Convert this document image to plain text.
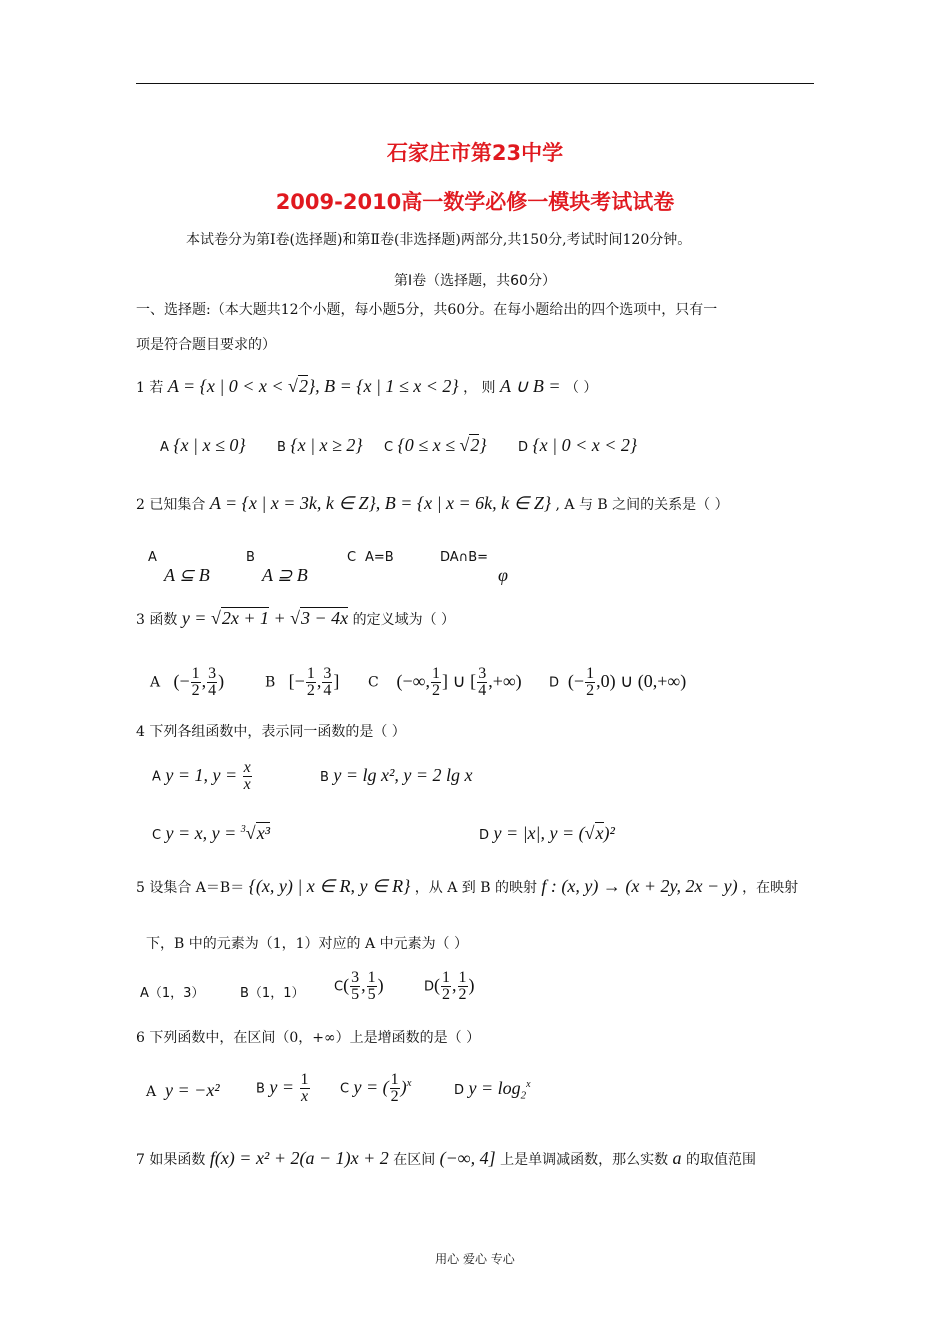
石家庄市第23中学
2009-2010高一数学必修一模块考试试卷
本试卷分为第Ⅰ卷(选择题)和第Ⅱ卷(非选择题)两部分,共150分,考试时间120分钟。
第Ⅰ卷（选择题，共60分）
一、选择题:（本大题共12个小题，每小题5分，共60分。在每小题给出的四个选项中，只有一
项是符合题目要求的）
1 若 A = {x | 0 < x < √2}, B = {x | 1 ≤ x < 2} ， 则 A ∪ B = （ ）
A {x | x ≤ 0} B {x | x ≥ 2} C {0 ≤ x ≤ √2} D {x | 0 < x < 2}
2 已知集合 A = {x | x = 3k, k ∈ Z}, B = {x | x = 6k, k ∈ Z} , A 与 B 之间的关系是（ ）
A
A ⊆ B
B
A ⊇ B
C A=B	DA∩B=
φ
3 函数 y = √2x + 1 + √3 − 4x 的定义域为（ ）
A (− $\frac{1}{2}$ , $\frac{3}{4}$ )	B [− $\frac{1}{2}$ , $\frac{3}{4}$ ] C (−∞, $\frac{1}{2}$ ] ∪ [ $\frac{3}{4}$ ,+∞) D (− $\frac{1}{2} ,0$) ∪ (0,+∞)
4 下列各组函数中，表示同一函数的是（ ）
A y = 1, $y = \frac{x}{x}$	B y = lg x², y = 2 lg x
C y = x, y = $^3$√x³	D y = |x|, y = (√x)²
5 设集合 A＝B＝ {(x, y) | x ∈ R, y ∈ R} ，从 A 到 B 的映射 f : (x, y) → (x + 2y, 2x − y) ，在映射
下，B 中的元素为（1，1）对应的 A 中元素为（ ）
A（1，3）	B（1，1） $C( \frac{3}{5}$ , $\frac{1}{5}$ )	$D( \frac{1}{2}$ , $\frac{1}{2}$ )
6 下列函数中，在区间（0，+∞）上是增函数的是（ ）
A y = −x²	B $y = \frac{1}{x}$ C y = ( $\frac{1}{2} )^x$
D $y = \log_2^x$
7 如果函数 f(x) = x² + 2(a − 1)x + 2 在区间 (−∞, 4] 上是单调减函数，那么实数 a 的取值范围
用心 爱心 专心
